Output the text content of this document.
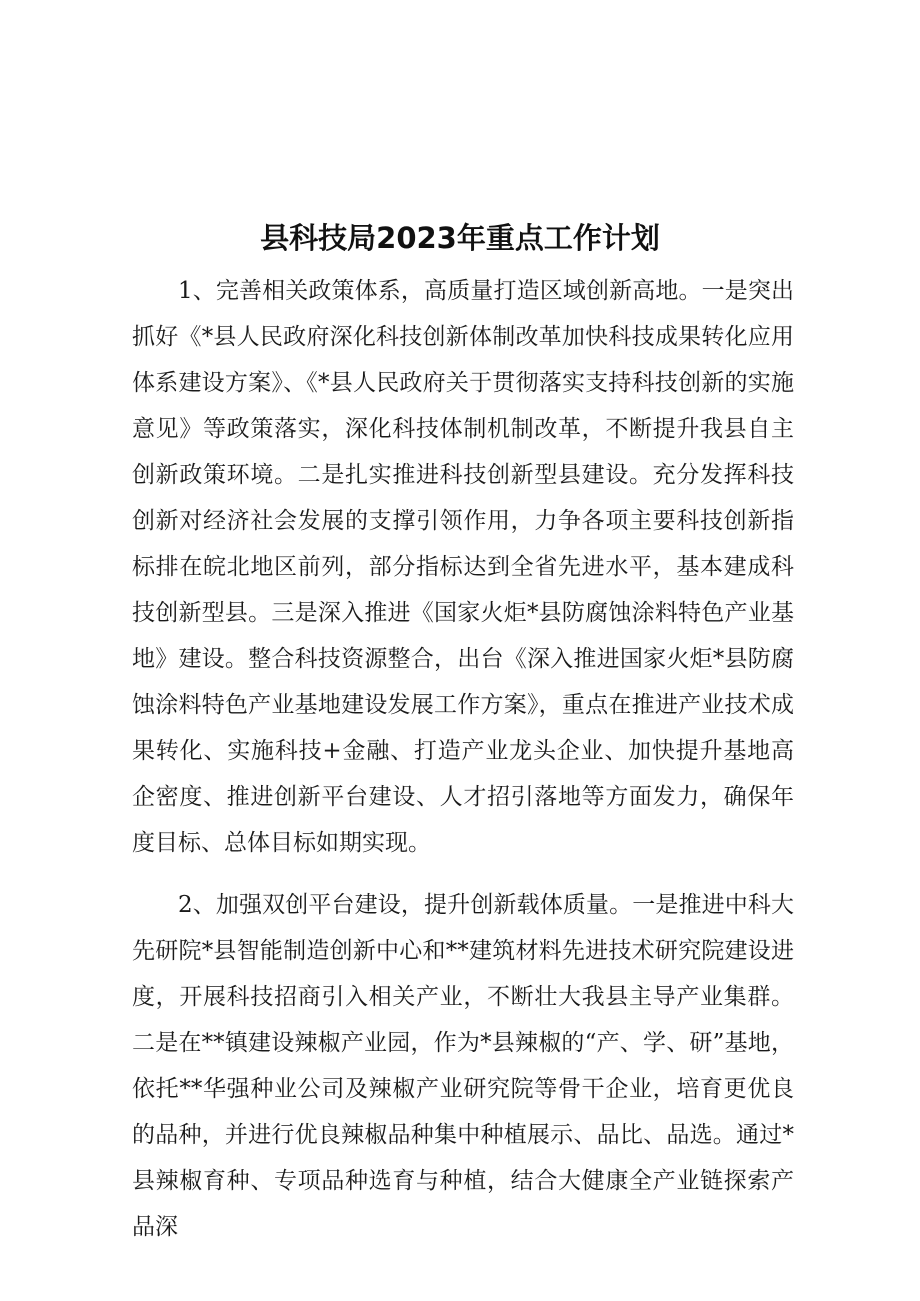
县科技局2023年重点工作计划

1、完善相关政策体系，高质量打造区域创新高地。一是突出抓好《*县人民政府深化科技创新体制改革加快科技成果转化应用体系建设方案》、《*县人民政府关于贯彻落实支持科技创新的实施意见》等政策落实，深化科技体制机制改革，不断提升我县自主创新政策环境。二是扎实推进科技创新型县建设。充分发挥科技创新对经济社会发展的支撑引领作用，力争各项主要科技创新指标排在皖北地区前列，部分指标达到全省先进水平，基本建成科技创新型县。三是深入推进《国家火炬*县防腐蚀涂料特色产业基地》建设。整合科技资源整合，出台《深入推进国家火炬*县防腐蚀涂料特色产业基地建设发展工作方案》，重点在推进产业技术成果转化、实施科技+金融、打造产业龙头企业、加快提升基地高企密度、推进创新平台建设、人才招引落地等方面发力，确保年度目标、总体目标如期实现。

2、加强双创平台建设，提升创新载体质量。一是推进中科大先研院*县智能制造创新中心和**建筑材料先进技术研究院建设进度，开展科技招商引入相关产业，不断壮大我县主导产业集群。二是在**镇建设辣椒产业园，作为*县辣椒的“产、学、研”基地，依托**华强种业公司及辣椒产业研究院等骨干企业，培育更优良的品种，并进行优良辣椒品种集中种植展示、品比、品选。通过*县辣椒育种、专项品种选育与种植，结合大健康全产业链探索产品深
